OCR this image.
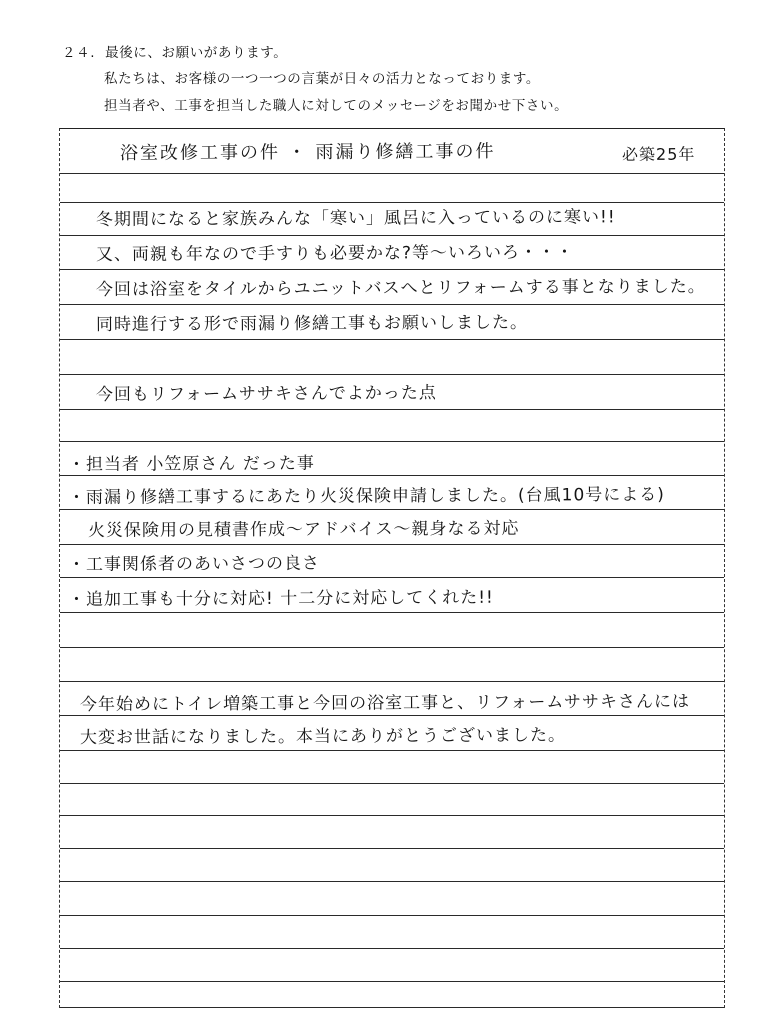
２４. 最後に、お願いがあります。
私たちは、お客様の一つ一つの言葉が日々の活力となっております。
担当者や、工事を担当した職人に対してのメッセージをお聞かせ下さい。
浴室改修工事の件 ・ 雨漏り修繕工事の件	必築25年
冬期間になると家族みんな「寒い」風呂に入っているのに寒い!!
又、両親も年なので手すりも必要かな?等〜いろいろ・・・
今回は浴室をタイルからユニットバスへとリフォームする事となりました。
同時進行する形で雨漏り修繕工事もお願いしました。
今回もリフォームササキさんでよかった点
・担当者 小笠原さん だった事
・雨漏り修繕工事するにあたり火災保険申請しました。(台風10号による)
火災保険用の見積書作成〜アドバイス〜親身なる対応
・工事関係者のあいさつの良さ
・追加工事も十分に対応! 十二分に対応してくれた!!
今年始めにトイレ増築工事と今回の浴室工事と、リフォームササキさんには
大変お世話になりました。本当にありがとうございました。
